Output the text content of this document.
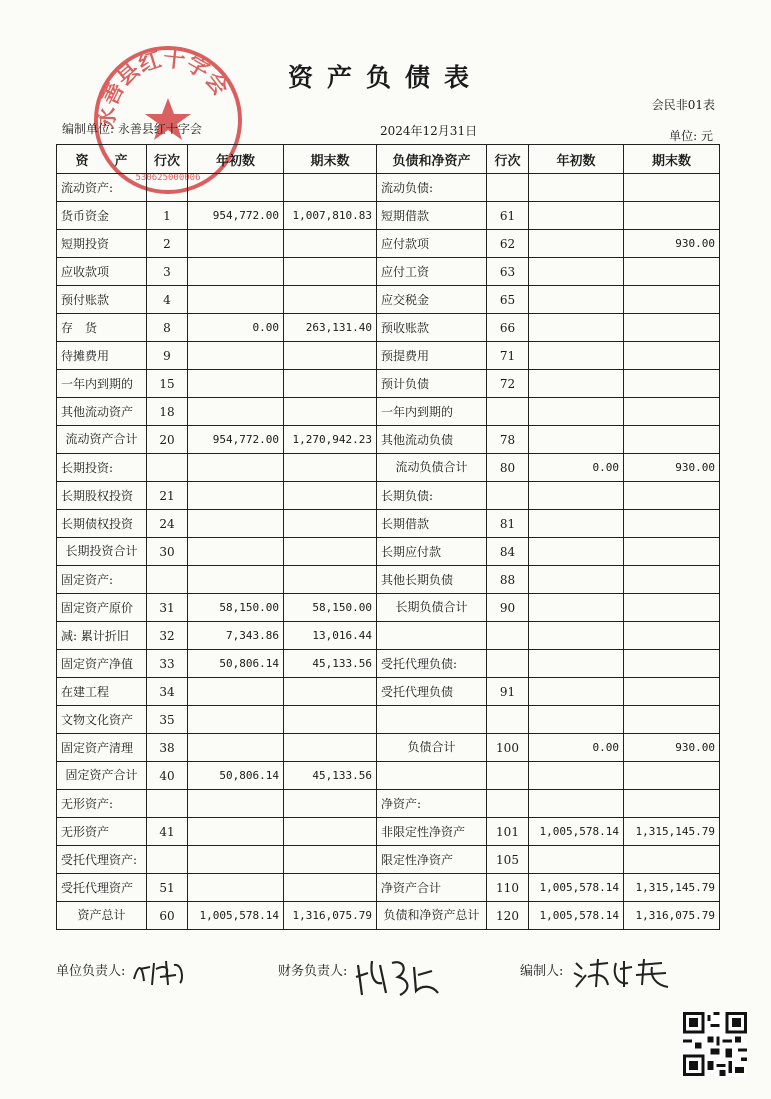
永善县红十字会
530625000006
资产负债表
会民非01表
编制单位: 永善县红十字会	2024年12月31日	单位: 元
资　　产	行次	年初数	期末数	负债和净资产	行次	年初数	期末数
流动资产:				流动负债:			
货币资金	1	954,772.00	1,007,810.83	短期借款	61		
短期投资	2			应付款项	62		930.00
应收款项	3			应付工资	63		
预付账款	4			应交税金	65		
存　货	8	0.00	263,131.40	预收账款	66		
待摊费用	9			预提费用	71		
一年内到期的	15			预计负债	72		
其他流动资产	18			一年内到期的			
流动资产合计	20	954,772.00	1,270,942.23	其他流动负债	78		
长期投资:				流动负债合计	80	0.00	930.00
长期股权投资	21			长期负债:			
长期债权投资	24			长期借款	81		
长期投资合计	30			长期应付款	84		
固定资产:				其他长期负债	88		
固定资产原价	31	58,150.00	58,150.00	长期负债合计	90		
减: 累计折旧	32	7,343.86	13,016.44				
固定资产净值	33	50,806.14	45,133.56	受托代理负债:			
在建工程	34			受托代理负债	91		
文物文化资产	35						
固定资产清理	38			负债合计	100	0.00	930.00
固定资产合计	40	50,806.14	45,133.56				
无形资产:				净资产:			
无形资产	41			非限定性净资产	101	1,005,578.14	1,315,145.79
受托代理资产:				限定性净资产	105		
受托代理资产	51			净资产合计	110	1,005,578.14	1,315,145.79
资产总计	60	1,005,578.14	1,316,075.79	负债和净资产总计	120	1,005,578.14	1,316,075.79
单位负责人:	财务负责人:	编制人:
